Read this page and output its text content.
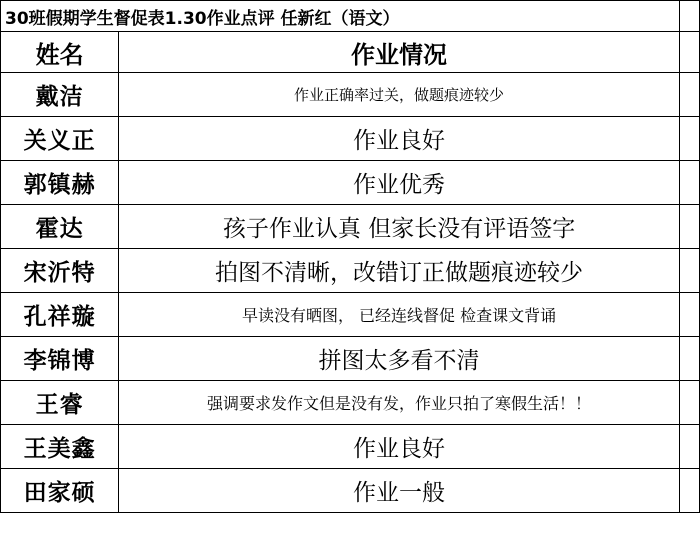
30班假期学生督促表1.30作业点评 任新红（语文）		

姓名	作业情况	
戴洁	作业正确率过关，做题痕迹较少	
关义正	作业良好	
郭镇赫	作业优秀	
霍达	孩子作业认真 但家长没有评语签字	
宋沂特	拍图不清晰，改错订正做题痕迹较少	
孔祥璇	早读没有晒图， 已经连线督促 检查课文背诵	
李锦博	拼图太多看不清	
王睿	强调要求发作文但是没有发，作业只拍了寒假生活！！	
王美鑫	作业良好	
田家硕	作业一般	
